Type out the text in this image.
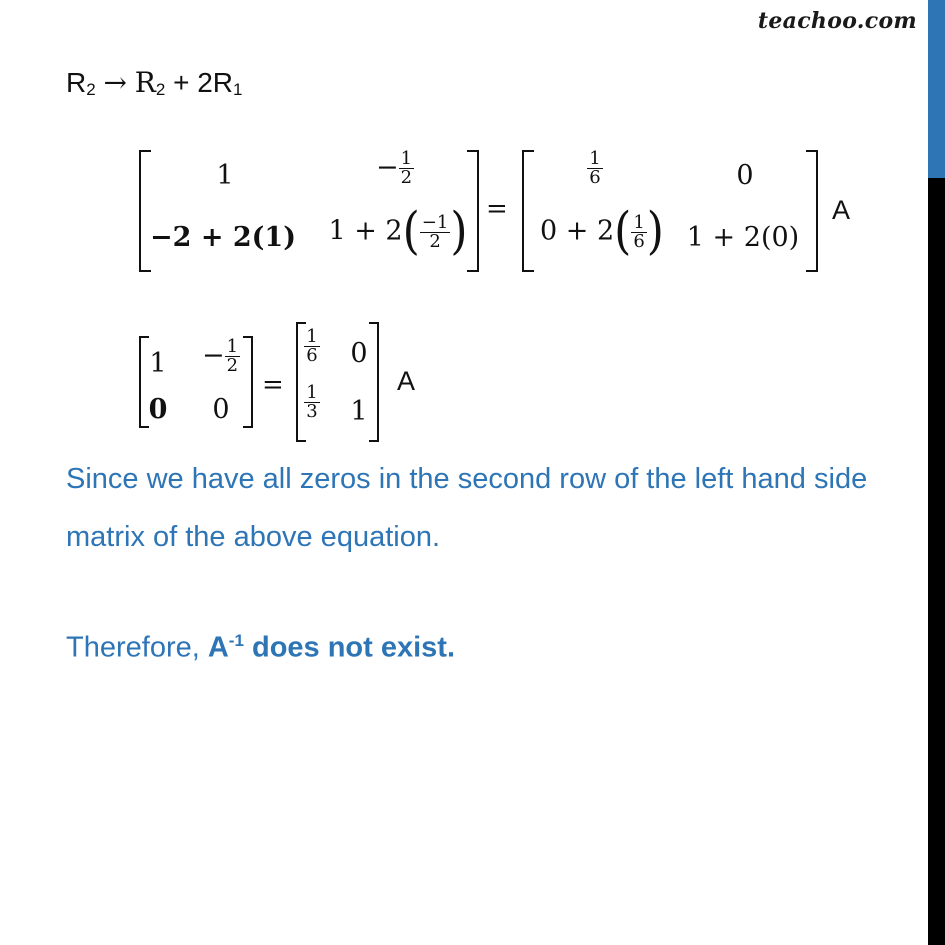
teachoo.com
$R_2 \to R_2 + 2R_1$
1	− $\frac{1}{2}$
−2 + 2(1) $1 + 2( \frac{-1}{2}$ ) =
$\frac{1}{6}$	0
$0 + 2( \frac{1}{6}$ ) 1 + 2(0)
A
$1 - \frac{1}{2}$
0 0
=
$\frac{1}{6} 0$
$\frac{1}{3} 1$
A
Since we have all zeros in the second row of the left hand side
matrix of the above equation.
Therefore, $A^{-1}$ does not exist.
